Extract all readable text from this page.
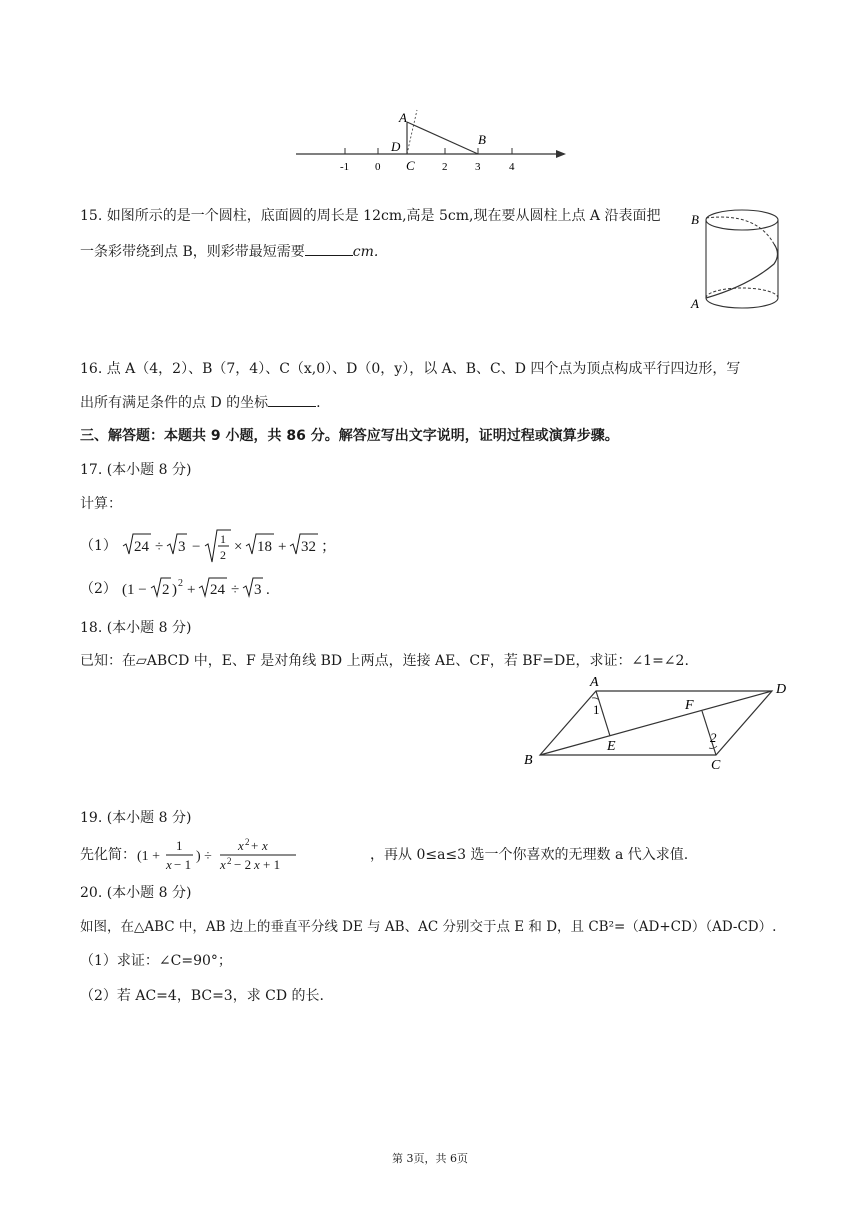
-1 0	2	3	4
A
B
C
D
15. 如图所示的是一个圆柱，底面圆的周长是 12cm,高是 5cm,现在要从圆柱上点 A 沿表面把
一条彩带绕到点 B，则彩带最短需要	cm.
B
A
16. 点 A（4，2）、B（7，4）、C（x,0）、D（0，y），以 A、B、C、D 四个点为顶点构成平行四边形，写
出所有满足条件的点 D 的坐标	.
三、解答题：本题共 9 小题，共 86 分。解答应写出文字说明，证明过程或演算步骤。
17. (本小题 8 分)
计算：
（1） 24 ÷ 3 − 1
2 × 18 + 32 ；
（2） (1 − 2 ) 2 + 24 ÷ 3 .
18. (本小题 8 分)
已知：在▱ABCD 中，E、F 是对角线 BD 上两点，连接 AE、CF，若 BF=DE，求证：∠1=∠2.
A	D
B	C
E
F
1
2
19. (本小题 8 分)
先化简： (1 +
1
x − 1
) ÷
x 2 + x
x 2 − 2 x + 1
，再从 0≤a≤3 选一个你喜欢的无理数 a 代入求值.
20. (本小题 8 分)
如图，在△ABC 中，AB 边上的垂直平分线 DE 与 AB、AC 分别交于点 E 和 D，且 CB²=（AD+CD）（AD-CD）.
（1）求证：∠C=90°；
（2）若 AC=4，BC=3，求 CD 的长.
第 3页，共 6页
